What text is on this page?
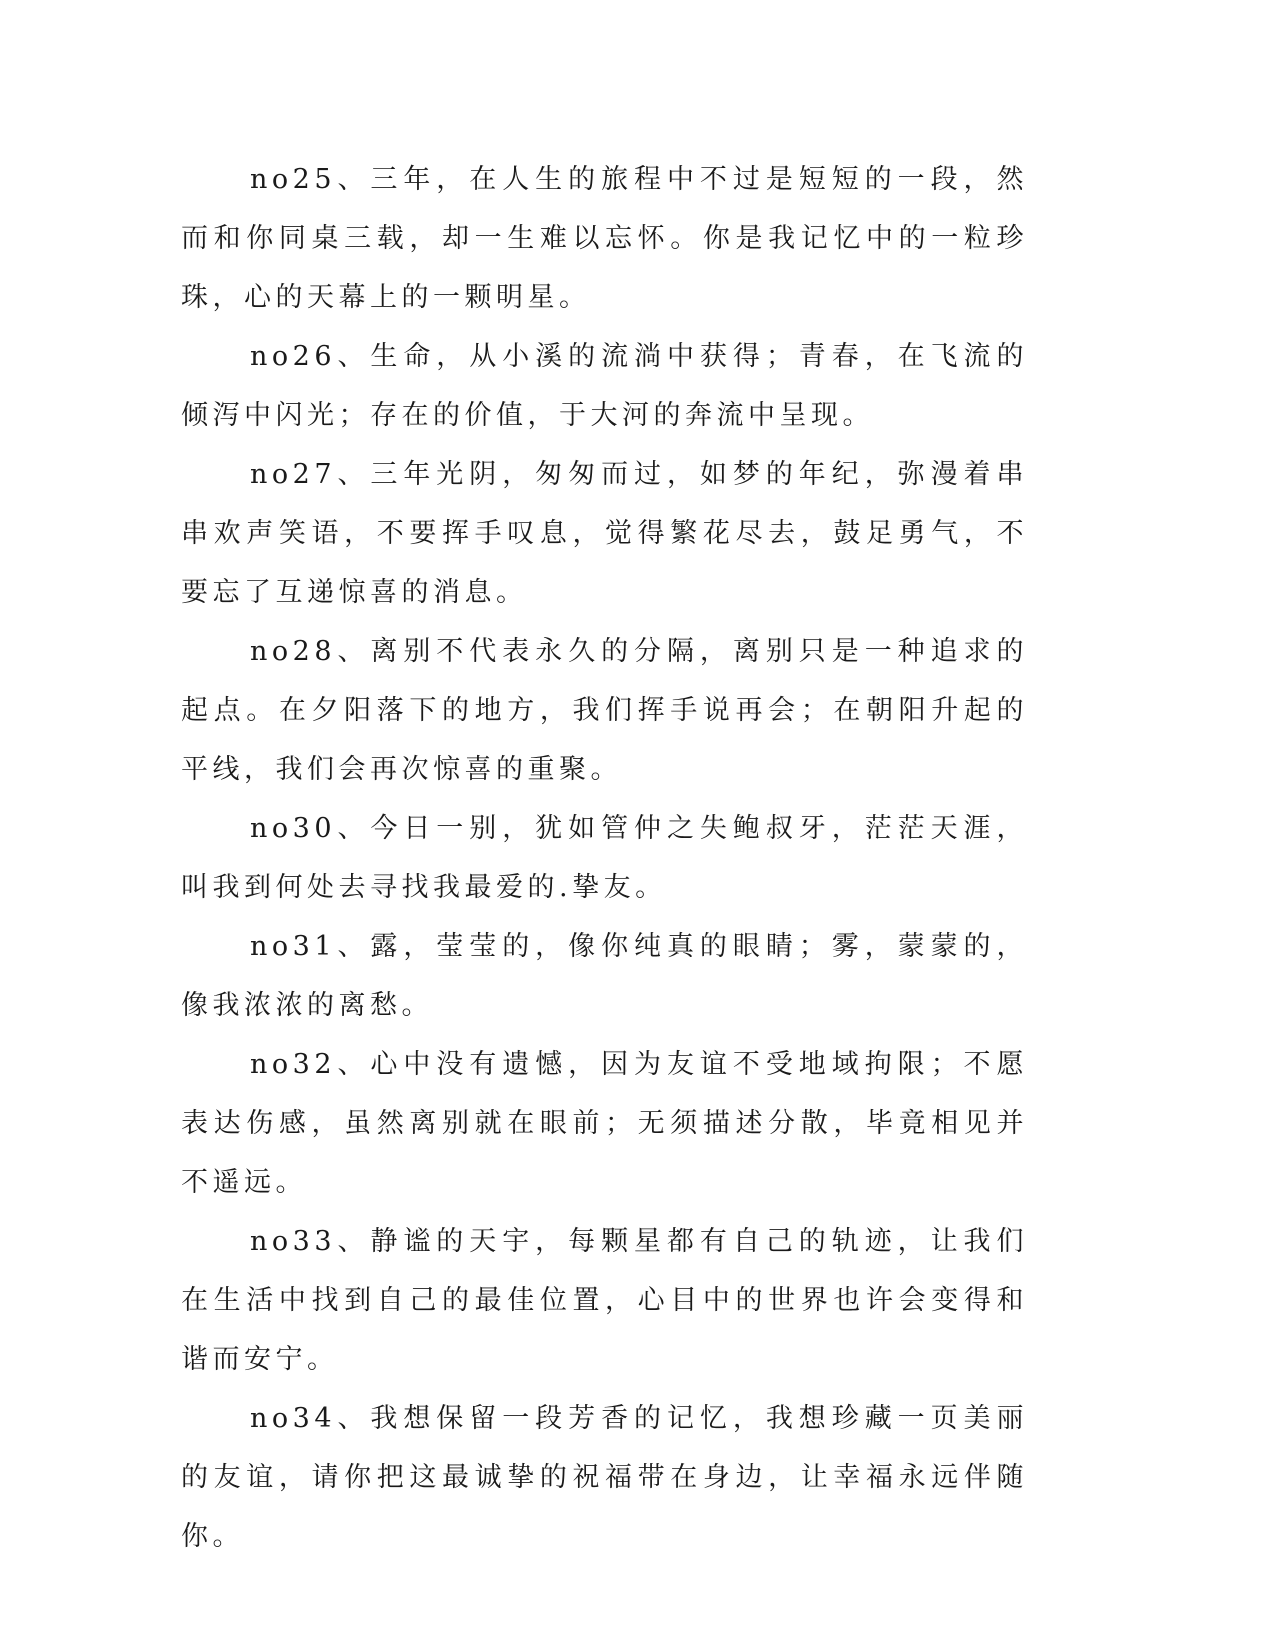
no25、三年，在人生的旅程中不过是短短的一段，然而和你同桌三载，却一生难以忘怀。你是我记忆中的一粒珍珠，心的天幕上的一颗明星。

no26、生命，从小溪的流淌中获得；青春，在飞流的倾泻中闪光；存在的价值，于大河的奔流中呈现。

no27、三年光阴，匆匆而过，如梦的年纪，弥漫着串串欢声笑语，不要挥手叹息，觉得繁花尽去，鼓足勇气，不要忘了互递惊喜的消息。

no28、离别不代表永久的分隔，离别只是一种追求的起点。在夕阳落下的地方，我们挥手说再会；在朝阳升起的平线，我们会再次惊喜的重聚。

no30、今日一别，犹如管仲之失鲍叔牙，茫茫天涯，叫我到何处去寻找我最爱的.挚友。

no31、露，莹莹的，像你纯真的眼睛；雾，蒙蒙的，像我浓浓的离愁。

no32、心中没有遗憾，因为友谊不受地域拘限；不愿表达伤感，虽然离别就在眼前；无须描述分散，毕竟相见并不遥远。

no33、静谧的天宇，每颗星都有自己的轨迹，让我们在生活中找到自己的最佳位置，心目中的世界也许会变得和谐而安宁。

no34、我想保留一段芳香的记忆，我想珍藏一页美丽的友谊，请你把这最诚挚的祝福带在身边，让幸福永远伴随你。
